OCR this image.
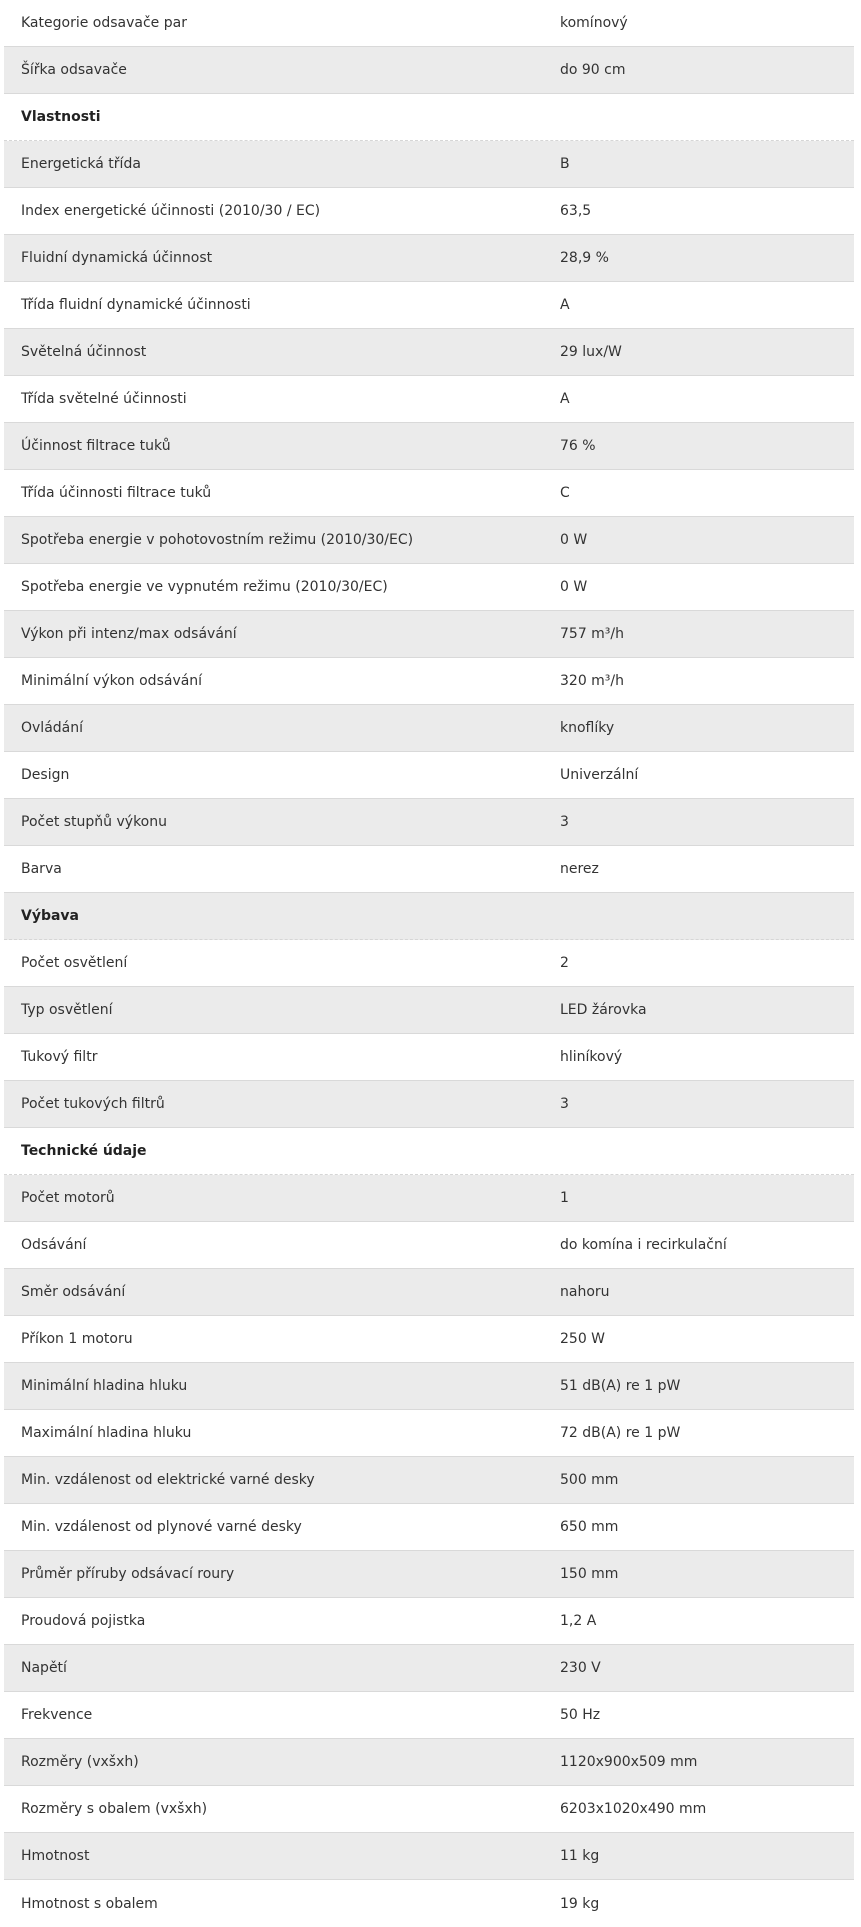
Kategorie odsavače par	komínový
Šířka odsavače	do 90 cm
Vlastnosti
Energetická třída	B
Index energetické účinnosti (2010/30 / EC)	63,5
Fluidní dynamická účinnost	28,9 %
Třída fluidní dynamické účinnosti	A
Světelná účinnost	29 lux/W
Třída světelné účinnosti	A
Účinnost filtrace tuků	76 %
Třída účinnosti filtrace tuků	C
Spotřeba energie v pohotovostním režimu (2010/30/EC)	0 W
Spotřeba energie ve vypnutém režimu (2010/30/EC)	0 W
Výkon při intenz/max odsávání	757 m³/h
Minimální výkon odsávání	320 m³/h
Ovládání	knoflíky
Design	Univerzální
Počet stupňů výkonu	3
Barva	nerez
Výbava
Počet osvětlení	2
Typ osvětlení	LED žárovka
Tukový filtr	hliníkový
Počet tukových filtrů	3
Technické údaje
Počet motorů	1
Odsávání	do komína i recirkulační
Směr odsávání	nahoru
Příkon 1 motoru	250 W
Minimální hladina hluku	51 dB(A) re 1 pW
Maximální hladina hluku	72 dB(A) re 1 pW
Min. vzdálenost od elektrické varné desky	500 mm
Min. vzdálenost od plynové varné desky	650 mm
Průměr příruby odsávací roury	150 mm
Proudová pojistka	1,2 A
Napětí	230 V
Frekvence	50 Hz
Rozměry (vxšxh)	1120x900x509 mm
Rozměry s obalem (vxšxh)	6203x1020x490 mm
Hmotnost	11 kg
Hmotnost s obalem	19 kg
